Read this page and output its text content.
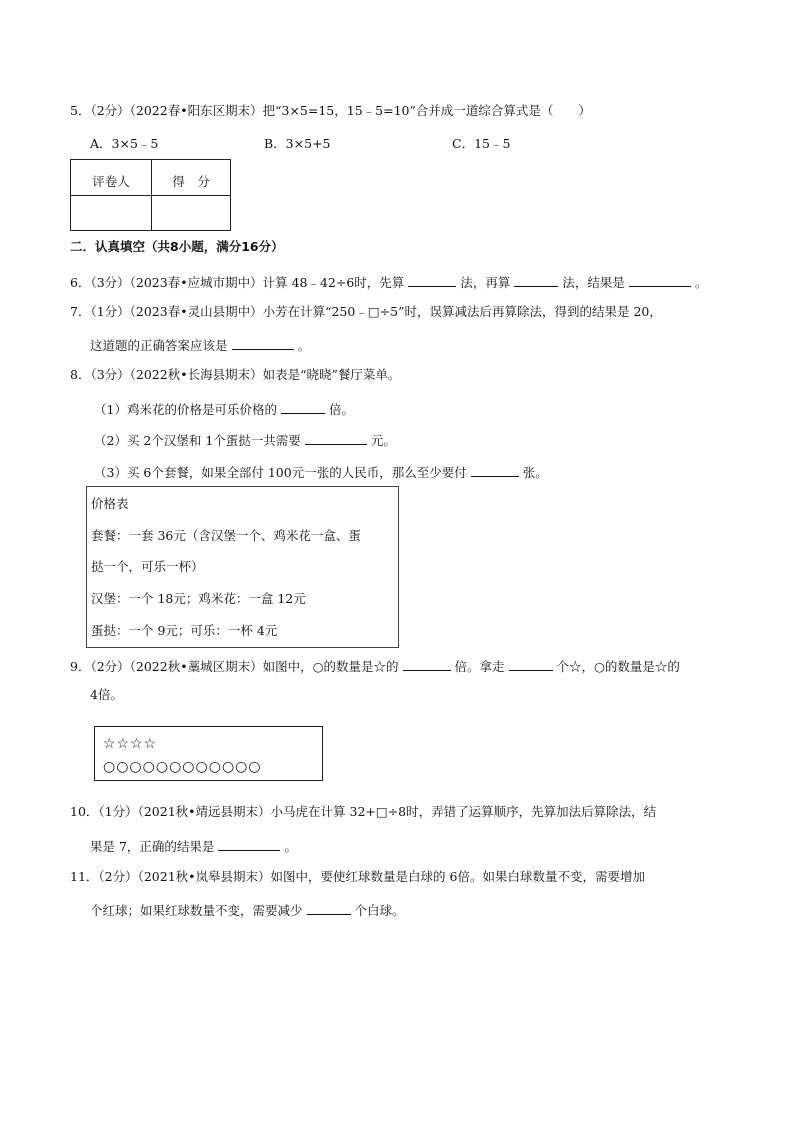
5．（2分）（2022春•阳东区期末）把“3×5=15，15﹣5=10”合并成一道综合算式是（　　）
A．3×5﹣5	B．3×5+5	C．15﹣5
评卷人	得　分
二．认真填空（共8小题，满分16分）
6．（3分）（2023春•应城市期中）计算 48﹣42÷6时，先算	法，再算	法，结果是	。
7．（1分）（2023春•灵山县期中）小芳在计算“250﹣□÷5”时，误算减法后再算除法，得到的结果是 20，
这道题的正确答案应该是	。
8．（3分）（2022秋•长海县期末）如表是“晓晓”餐厅菜单。
（1）鸡米花的价格是可乐价格的	倍。
（2）买 2个汉堡和 1个蛋挞一共需要	元。
（3）买 6个套餐，如果全部付 100元一张的人民币，那么至少要付	张。
价格表
套餐：一套 36元（含汉堡一个、鸡米花一盒、蛋
挞一个，可乐一杯）
汉堡：一个 18元；鸡米花：一盒 12元
蛋挞：一个 9元；可乐：一杯 4元
9．（2分）（2022秋•藁城区期末）如图中，○的数量是☆的	倍。拿走	个☆，○的数量是☆的
4倍。
☆☆☆☆
○○○○○○○○○○○○
10．（1分）（2021秋•靖远县期末）小马虎在计算 32+□÷8时，弄错了运算顺序，先算加法后算除法，结
果是 7，正确的结果是	。
11．（2分）（2021秋•岚皋县期末）如图中，要使红球数量是白球的 6倍。如果白球数量不变，需要增加
个红球；如果红球数量不变，需要减少	个白球。
